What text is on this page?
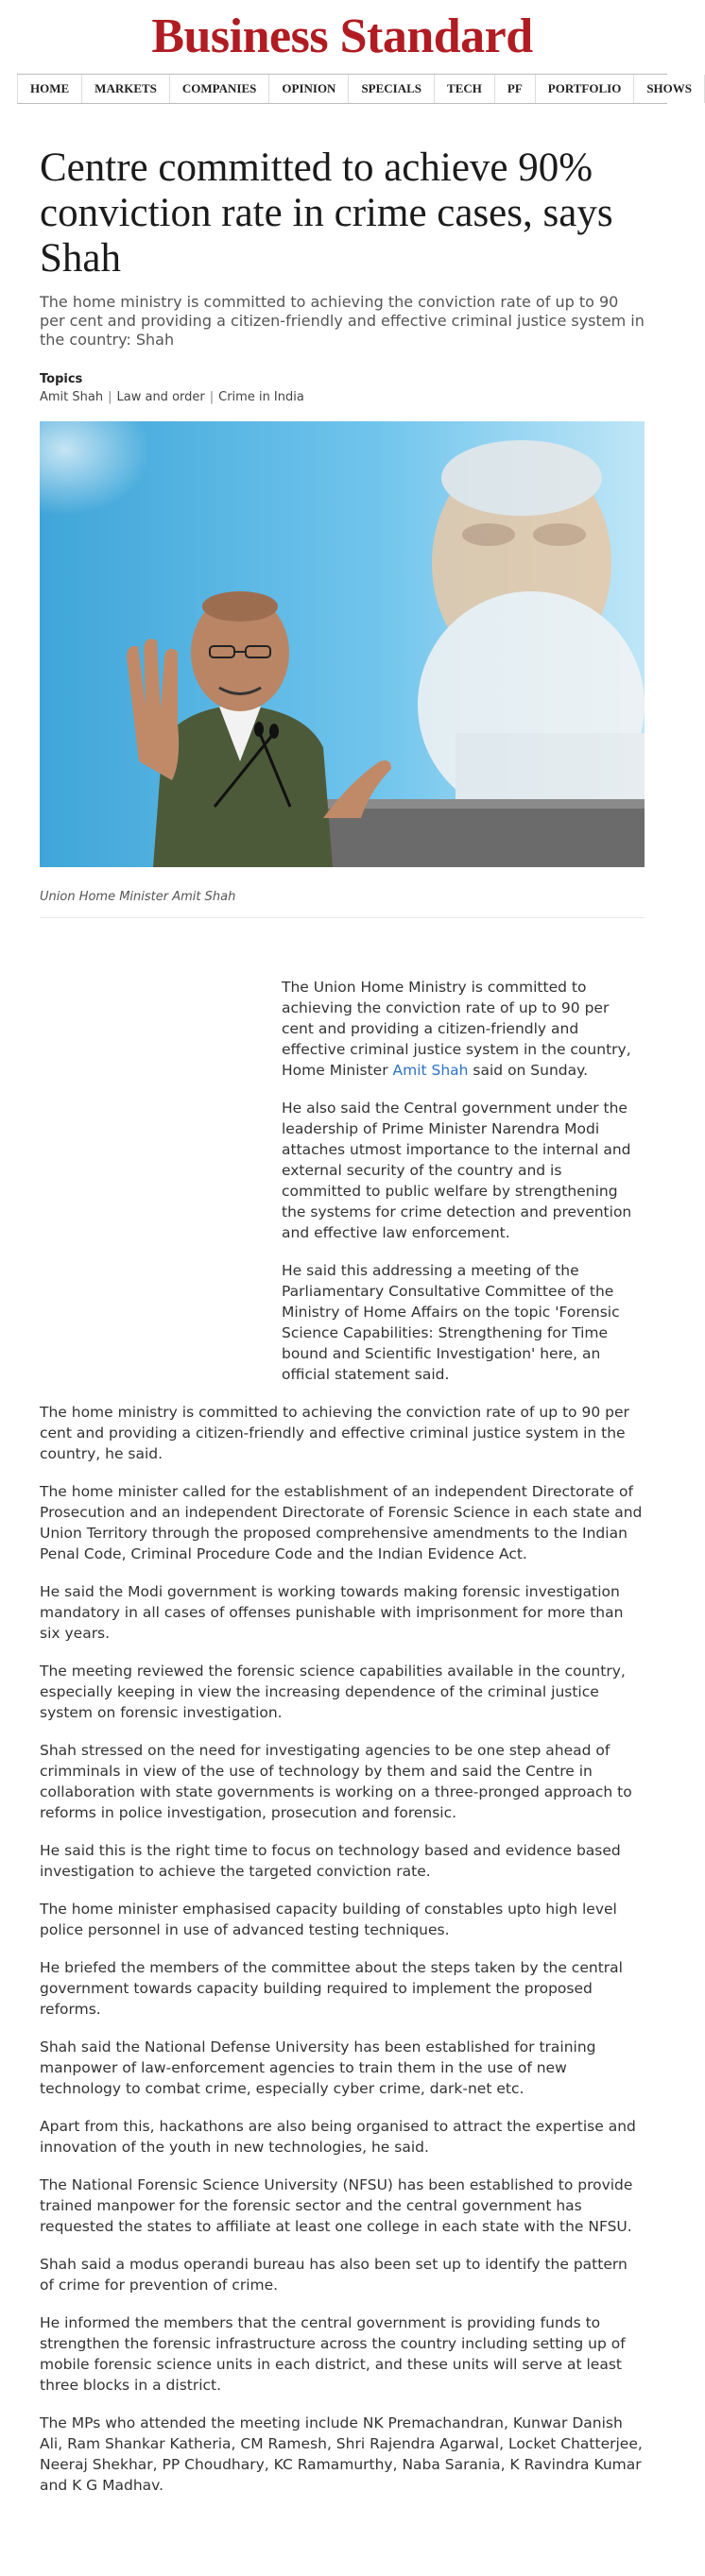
Business Standard
HOME	MARKETS	COMPANIES	OPINION	SPECIALS	TECH	PF	PORTFOLIO	SHOWS
Centre committed to achieve 90% conviction rate in crime cases, says Shah

The home ministry is committed to achieving the conviction rate of up to 90 per cent and providing a citizen-friendly and effective criminal justice system in the country: Shah

Topics
Amit Shah | Law and order | Crime in India

Union Home Minister Amit Shah

The Union Home Ministry is committed to achieving the conviction rate of up to 90 per cent and providing a citizen-friendly and effective criminal justice system in the country, Home Minister Amit Shah said on Sunday.

He also said the Central government under the leadership of Prime Minister Narendra Modi attaches utmost importance to the internal and external security of the country and is committed to public welfare by strengthening the systems for crime detection and prevention and effective law enforcement.

He said this addressing a meeting of the Parliamentary Consultative Committee of the Ministry of Home Affairs on the topic 'Forensic Science Capabilities: Strengthening for Time bound and Scientific Investigation' here, an official statement said.

The home ministry is committed to achieving the conviction rate of up to 90 per cent and providing a citizen-friendly and effective criminal justice system in the country, he said.

The home minister called for the establishment of an independent Directorate of Prosecution and an independent Directorate of Forensic Science in each state and Union Territory through the proposed comprehensive amendments to the Indian Penal Code, Criminal Procedure Code and the Indian Evidence Act.

He said the Modi government is working towards making forensic investigation mandatory in all cases of offenses punishable with imprisonment for more than six years.

The meeting reviewed the forensic science capabilities available in the country, especially keeping in view the increasing dependence of the criminal justice system on forensic investigation.

Shah stressed on the need for investigating agencies to be one step ahead of crimminals in view of the use of technology by them and said the Centre in collaboration with state governments is working on a three-pronged approach to reforms in police investigation, prosecution and forensic.

He said this is the right time to focus on technology based and evidence based investigation to achieve the targeted conviction rate.

The home minister emphasised capacity building of constables upto high level police personnel in use of advanced testing techniques.

He briefed the members of the committee about the steps taken by the central government towards capacity building required to implement the proposed reforms.

Shah said the National Defense University has been established for training manpower of law-enforcement agencies to train them in the use of new technology to combat crime, especially cyber crime, dark-net etc.

Apart from this, hackathons are also being organised to attract the expertise and innovation of the youth in new technologies, he said.

The National Forensic Science University (NFSU) has been established to provide trained manpower for the forensic sector and the central government has requested the states to affiliate at least one college in each state with the NFSU.

Shah said a modus operandi bureau has also been set up to identify the pattern of crime for prevention of crime.

He informed the members that the central government is providing funds to strengthen the forensic infrastructure across the country including setting up of mobile forensic science units in each district, and these units will serve at least three blocks in a district.

The MPs who attended the meeting include NK Premachandran, Kunwar Danish Ali, Ram Shankar Katheria, CM Ramesh, Shri Rajendra Agarwal, Locket Chatterjee, Neeraj Shekhar, PP Choudhary, KC Ramamurthy, Naba Sarania, K Ravindra Kumar and K G Madhav.
